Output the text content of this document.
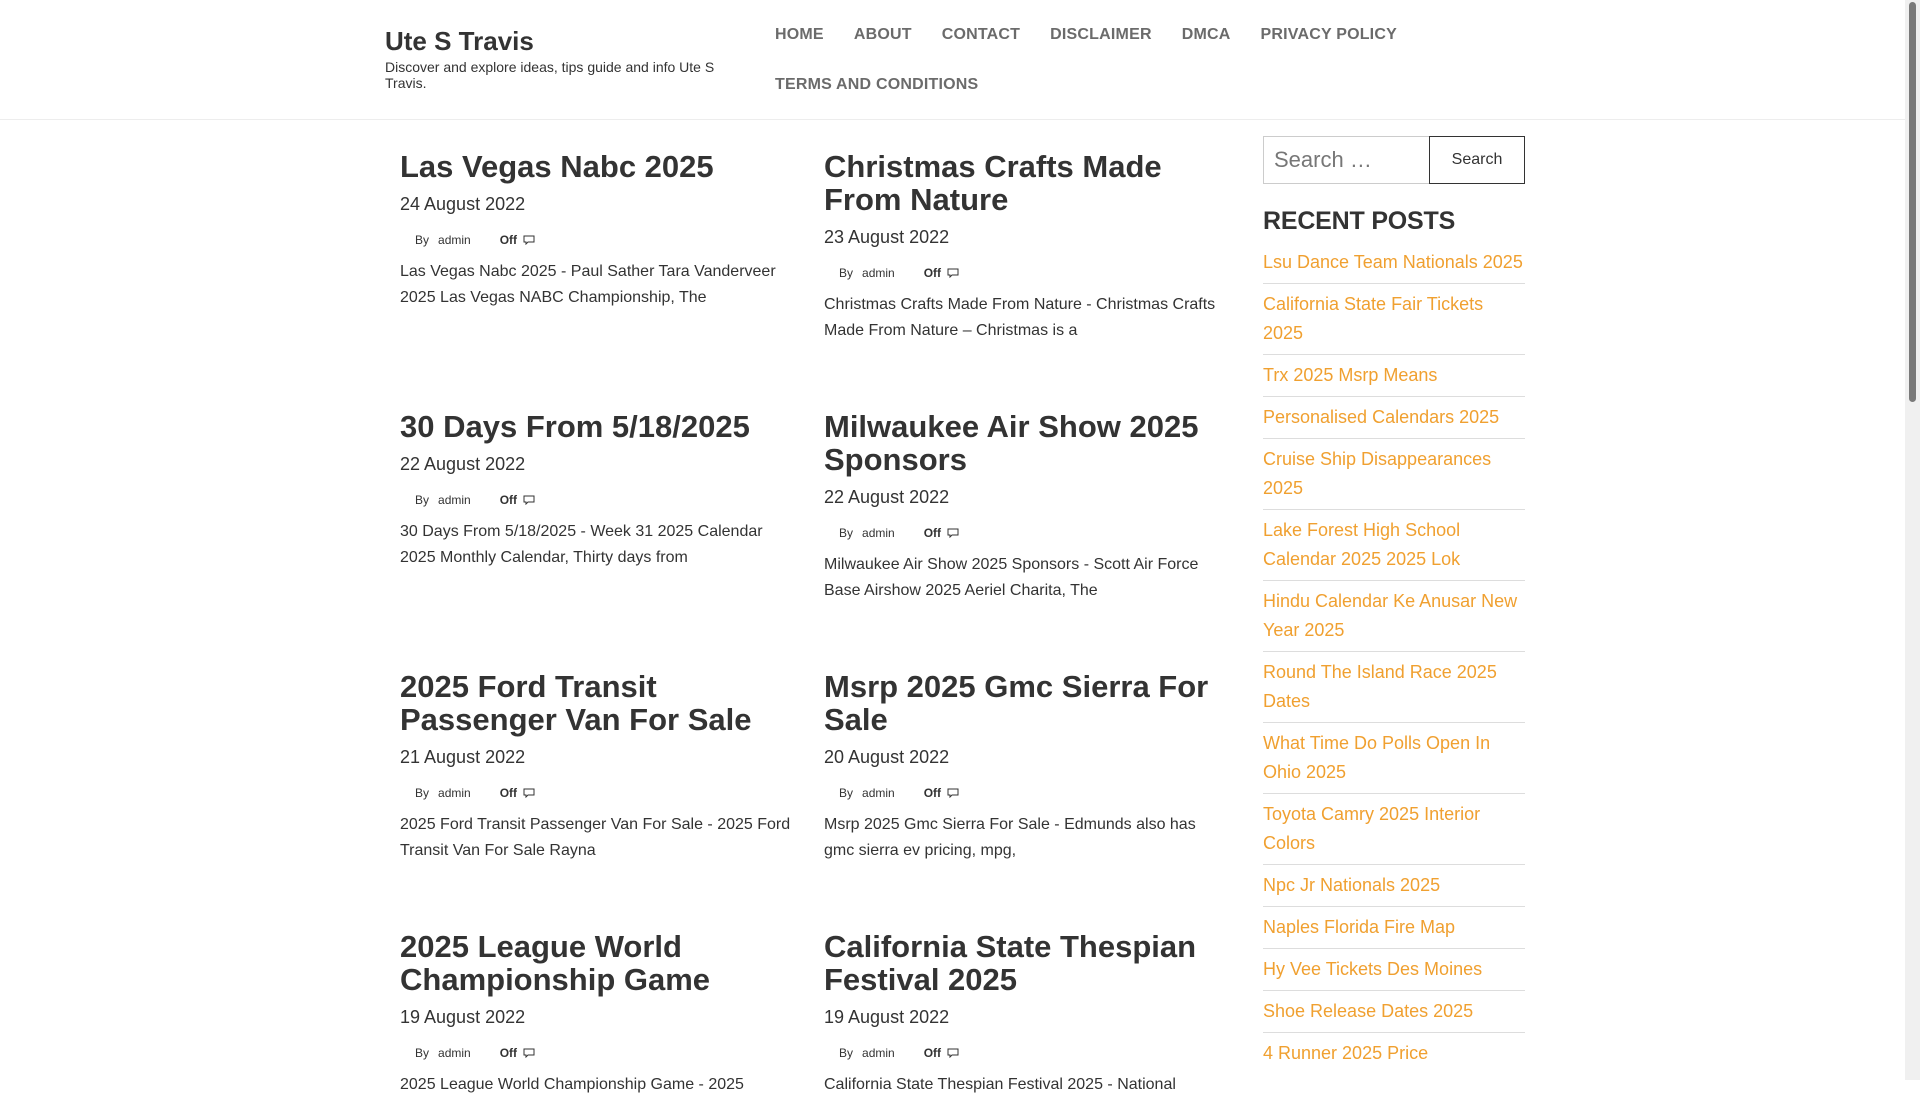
Ute S Travis
Discover and explore ideas, tips guide and info Ute S Travis.
HOME	ABOUT	CONTACT	DISCLAIMER	DMCA	PRIVACY POLICY
TERMS AND CONDITIONS
Las Vegas Nabc 2025
24 August 2022
By admin Off
Las Vegas Nabc 2025 - Paul Sather Tara Vanderveer 2025 Las Vegas NABC Championship, The
Christmas Crafts Made From Nature
23 August 2022
By admin Off
Christmas Crafts Made From Nature - Christmas Crafts Made From Nature – Christmas is a
30 Days From 5/18/2025
22 August 2022
By admin Off
30 Days From 5/18/2025 - Week 31 2025 Calendar 2025 Monthly Calendar, Thirty days from
Milwaukee Air Show 2025 Sponsors
22 August 2022
By admin Off
Milwaukee Air Show 2025 Sponsors - Scott Air Force Base Airshow 2025 Aeriel Charita, The
2025 Ford Transit Passenger Van For Sale
21 August 2022
By admin Off
2025 Ford Transit Passenger Van For Sale - 2025 Ford Transit Van For Sale Rayna
Msrp 2025 Gmc Sierra For Sale
20 August 2022
By admin Off
Msrp 2025 Gmc Sierra For Sale - Edmunds also has gmc sierra ev pricing, mpg,
2025 League World Championship Game
19 August 2022
By admin Off
2025 League World Championship Game - 2025
California State Thespian Festival 2025
19 August 2022
By admin Off
California State Thespian Festival 2025 - National
Search …
Search
RECENT POSTS
Lsu Dance Team Nationals 2025
California State Fair Tickets 2025
Trx 2025 Msrp Means
Personalised Calendars 2025
Cruise Ship Disappearances 2025
Lake Forest High School Calendar 2025 2025 Lok
Hindu Calendar Ke Anusar New Year 2025
Round The Island Race 2025 Dates
What Time Do Polls Open In Ohio 2025
Toyota Camry 2025 Interior Colors
Npc Jr Nationals 2025
Naples Florida Fire Map
Hy Vee Tickets Des Moines
Shoe Release Dates 2025
4 Runner 2025 Price
